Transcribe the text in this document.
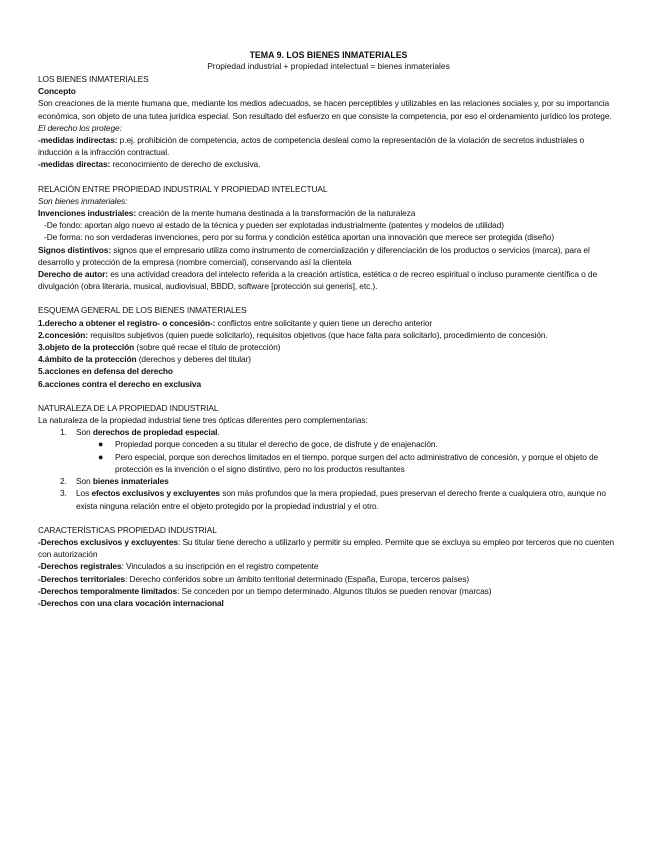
TEMA 9. LOS BIENES INMATERIALES
Propiedad industrial + propiedad intelectual = bienes inmateriales

LOS BIENES INMATERIALES

Concepto

Son creaciones de la mente humana que, mediante los medios adecuados, se hacen perceptibles y utilizables en las relaciones sociales y, por su importancia económica, son objeto de una tutea jurídica especial. Son resultado del esfuerzo en que consiste la competencia, por eso el ordenamiento jurídico los protege.

El derecho los protege:

-medidas indirectas: p.ej. prohibición de competencia, actos de competencia desleal como la representación de la violación de secretos industriales o inducción a la infracción contractual.

-medidas directas: reconocimiento de derecho de exclusiva.

RELACIÓN ENTRE PROPIEDAD INDUSTRIAL Y PROPIEDAD INTELECTUAL

Son bienes inmateriales:

Invenciones industriales: creación de la mente humana destinada a la transformación de la naturaleza

-De fondo: aportan algo nuevo al estado de la técnica y pueden ser explotadas industrialmente (patentes y modelos de utilidad)

-De forma: no son verdaderas invenciones, pero por su forma y condición estética aportan una innovación que merece ser protegida (diseño)

Signos distintivos: signos que el empresario utiliza como instrumento de comercialización y diferenciación de los productos o servicios (marca), para el desarrollo y protección de la empresa (nombre comercial), conservando así la clientela

Derecho de autor: es una actividad creadora del intelecto referida a la creación artística, estética o de recreo espiritual o incluso puramente científica o de divulgación (obra literaria, musical, audiovisual, BBDD, software [protección sui generis], etc.).

ESQUEMA GENERAL DE LOS BIENES INMATERIALES

1.derecho a obtener el registro- o concesión-: conflictos entre solicitante y quien tiene un derecho anterior

2.concesión: requisitos subjetivos (quien puede solicitarlo), requisitos objetivos (que hace falta para solicitarlo), procedimiento de concesión.

3.objeto de la protección (sobre qué recae el título de protección)

4.ámbito de la protección (derechos y deberes del titular)

5.acciones en defensa del derecho

6.acciones contra el derecho en exclusiva

NATURALEZA DE LA PROPIEDAD INDUSTRIAL

La naturaleza de la propiedad industrial tiene tres ópticas diferentes pero complementarias:

1. Son derechos de propiedad especial.
● Propiedad porque conceden a su titular el derecho de goce, de disfrute y de enajenación.
● Pero especial, porque son derechos limitados en el tiempo, porque surgen del acto administrativo de concesión, y porque el objeto de protección es la invención o el signo distintivo, pero no los productos resultantes
2. Son bienes inmateriales
3. Los efectos exclusivos y excluyentes son más profundos que la mera propiedad, pues preservan el derecho frente a cualquiera otro, aunque no exista ninguna relación entre el objeto protegido por la propiedad industrial y el otro.

CARACTERÍSTICAS PROPIEDAD INDUSTRIAL

-Derechos exclusivos y excluyentes: Su titular tiene derecho a utilizarlo y permitir su empleo. Permite que se excluya su empleo por terceros que no cuenten con autorización

-Derechos registrales: Vinculados a su inscripción en el registro competente

-Derechos territoriales: Derecho conferidos sobre un ámbito territorial determinado (España, Europa, terceros países)

-Derechos temporalmente limitados: Se conceden por un tiempo determinado. Algunos títulos se pueden renovar (marcas)

-Derechos con una clara vocación internacional
